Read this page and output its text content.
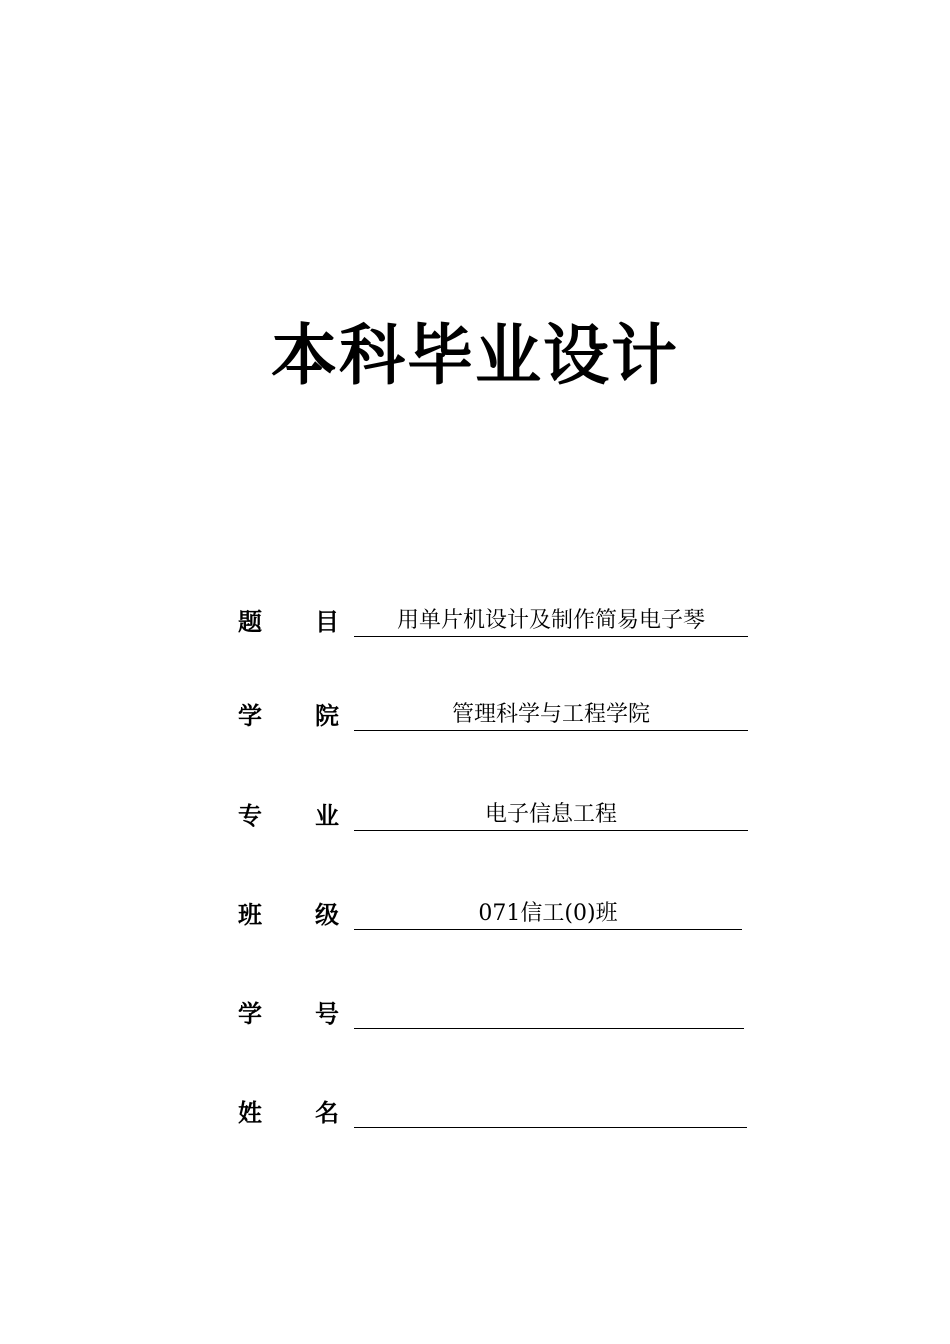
本科毕业设计
题 目	用单片机设计及制作简易电子琴
学 院	管理科学与工程学院
专 业	电子信息工程
班 级	071信工(0)班
学 号
姓 名
